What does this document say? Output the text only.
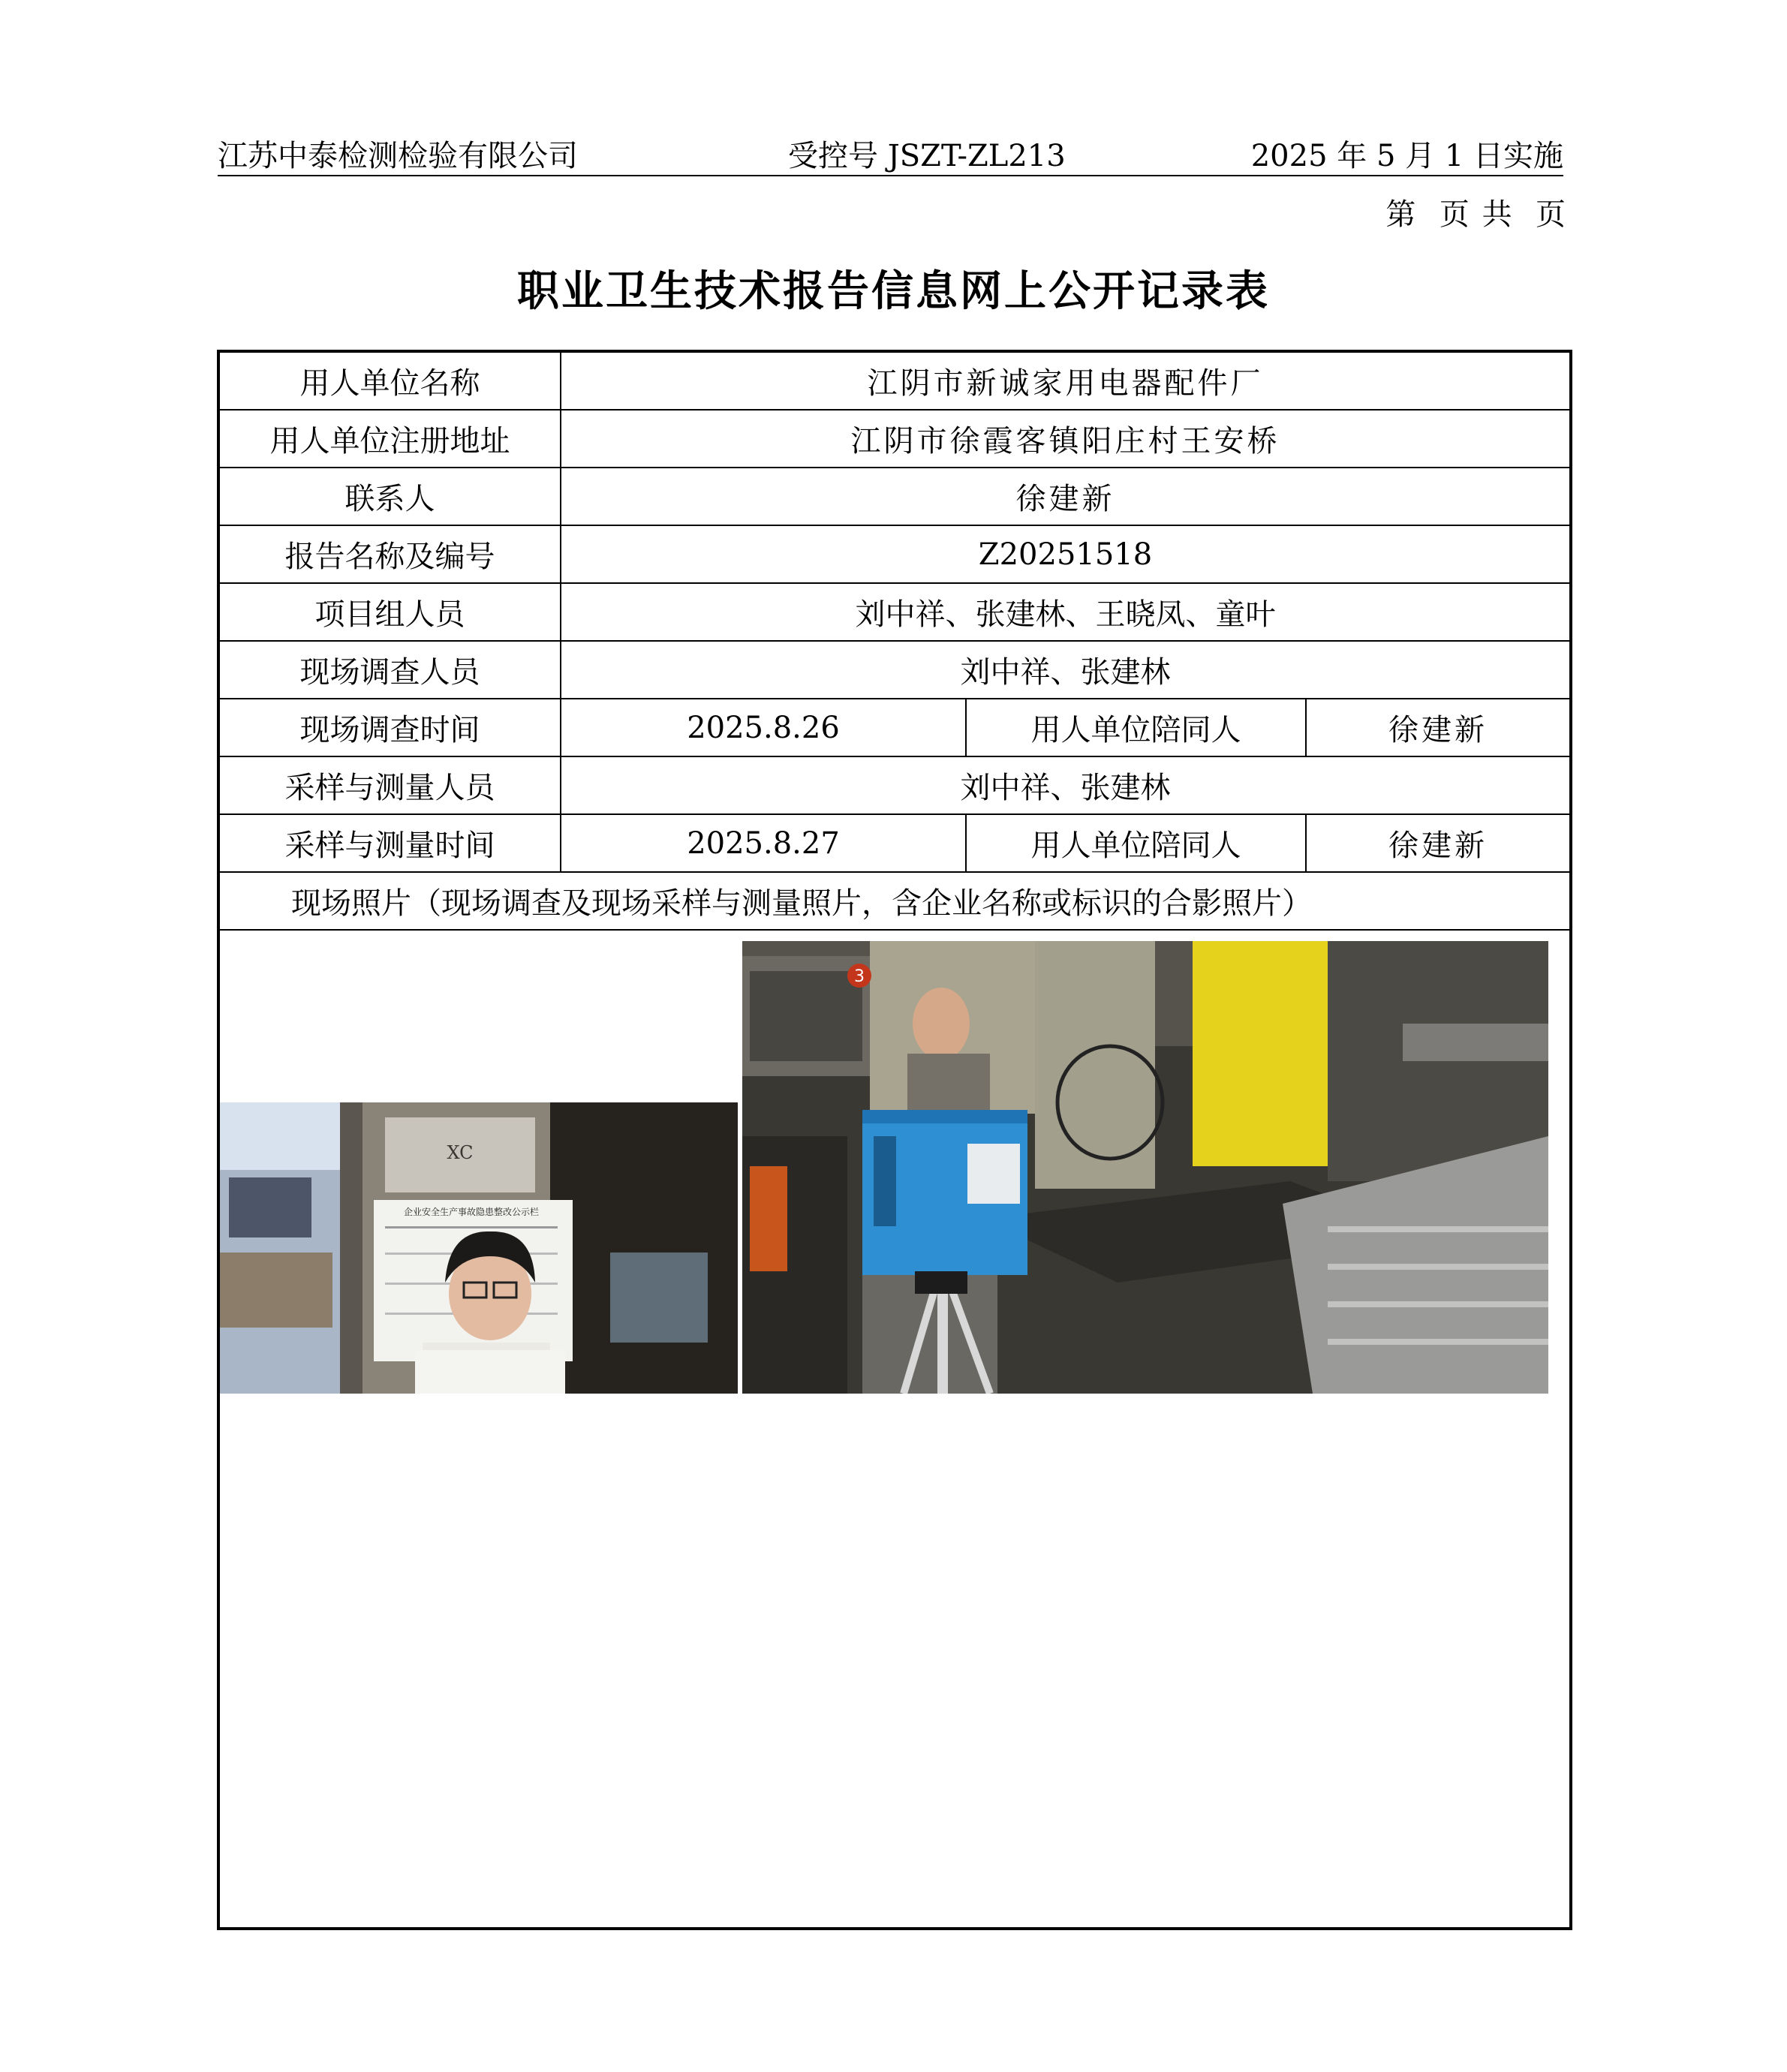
江苏中泰检测检验有限公司	受控号 JSZT-ZL213	2025 年 5 月 1 日实施
第  页 共  页
职业卫生技术报告信息网上公开记录表
用人单位名称	江阴市新诚家用电器配件厂
用人单位注册地址	江阴市徐霞客镇阳庄村王安桥
联系人	徐建新
报告名称及编号	Z20251518
项目组人员	刘中祥、张建林、王晓凤、童叶
现场调查人员	刘中祥、张建林
现场调查时间	2025.8.26	用人单位陪同人	徐建新
采样与测量人员	刘中祥、张建林
采样与测量时间	2025.8.27	用人单位陪同人	徐建新
现场照片（现场调查及现场采样与测量照片，含企业名称或标识的合影照片）
XC
企业安全生产事故隐患整改公示栏
3
